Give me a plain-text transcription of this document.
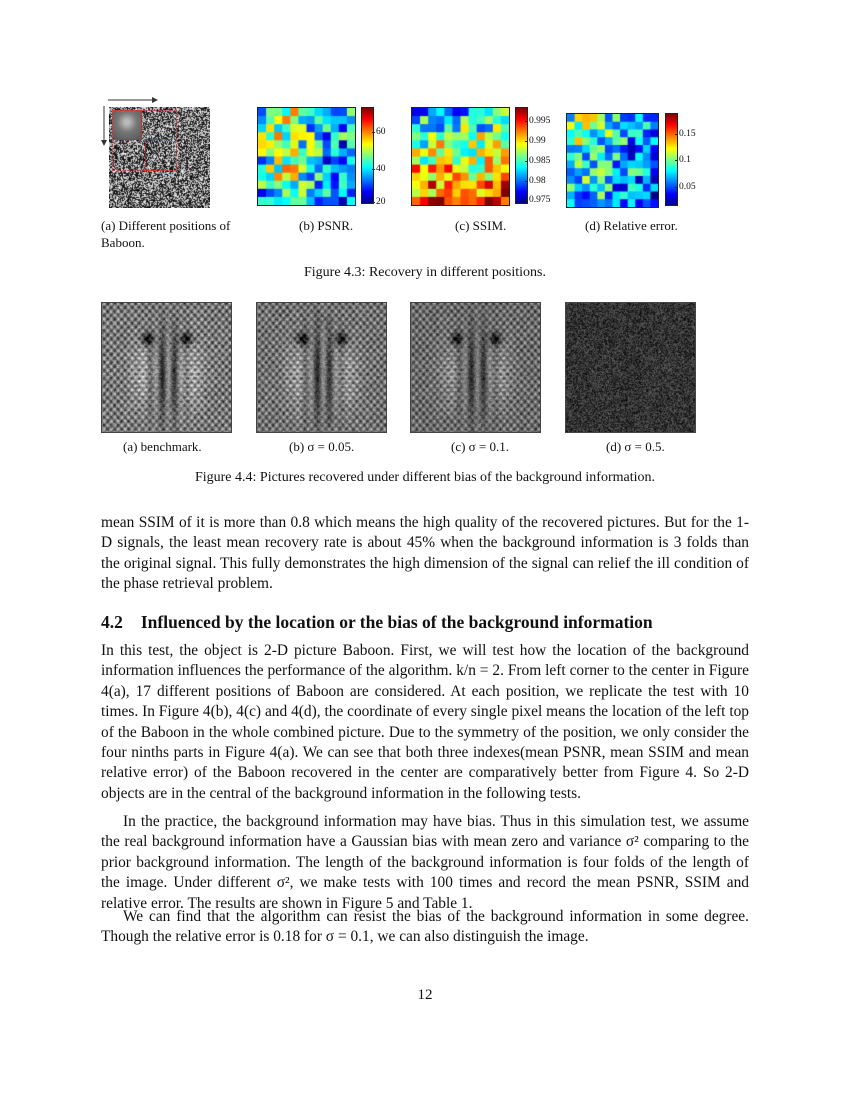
(a) Different positions of
Baboon.
60
40
20
(b) PSNR.
0.995
0.99
0.985
0.98
0.975
(c) SSIM.
0.15
0.1
0.05
(d) Relative error.
Figure 4.3: Recovery in different positions.
(a) benchmark.	(b) σ = 0.05.	(c) σ = 0.1.	(d) σ = 0.5.
Figure 4.4: Pictures recovered under different bias of the background information.

mean SSIM of it is more than 0.8 which means the high quality of the recovered pictures. But for the 1-D signals, the least mean recovery rate is about 45% when the background information is 3 folds than the original signal. This fully demonstrates the high dimension of the signal can relief the ill condition of the phase retrieval problem.

4.2 Influenced by the location or the bias of the background information

In this test, the object is 2-D picture Baboon. First, we will test how the location of the background information influences the performance of the algorithm. k/n = 2. From left corner to the center in Figure 4(a), 17 different positions of Baboon are considered. At each position, we replicate the test with 10 times. In Figure 4(b), 4(c) and 4(d), the coordinate of every single pixel means the location of the left top of the Baboon in the whole combined picture. Due to the symmetry of the position, we only consider the four ninths parts in Figure 4(a). We can see that both three indexes(mean PSNR, mean SSIM and mean relative error) of the Baboon recovered in the center are comparatively better from Figure 4. So 2-D objects are in the central of the background information in the following tests.

In the practice, the background information may have bias. Thus in this simulation test, we assume the real background information have a Gaussian bias with mean zero and variance σ² comparing to the prior background information. The length of the background information is four folds of the length of the image. Under different σ², we make tests with 100 times and record the mean PSNR, SSIM and relative error. The results are shown in Figure 5 and Table 1.

We can find that the algorithm can resist the bias of the background information in some degree. Though the relative error is 0.18 for σ = 0.1, we can also distinguish the image.

12
